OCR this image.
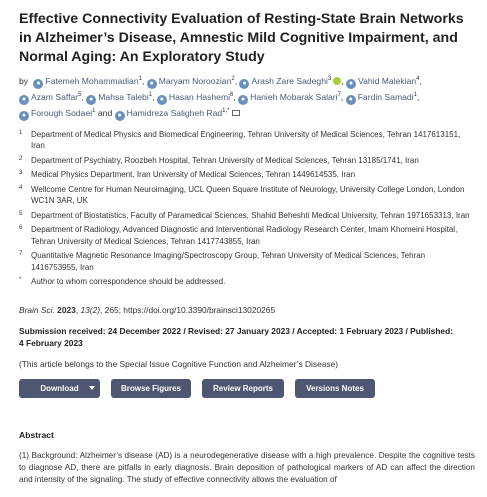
Effective Connectivity Evaluation of Resting-State Brain Networks in Alzheimer’s Disease, Amnestic Mild Cognitive Impairment, and Normal Aging: An Exploratory Study
by ● Fatemeh Mohammadian$^1$, ● Maryam Noroozian$^2$, ● Arash Zare Sadeghi$^3$ , ● Vahid Malekian$^4$, ● Azam Saffar$^5$, ● Mahsa Talebi$^1$, ● Hasan Hashemi$^6$, ● Hanieh Mobarak Salari$^7$, ● Fardin Samadi$^1$, ● Forough Sodaei$^1$ and ● Hamidreza Saligheh Rad$^{1,*}$
1	Department of Medical Physics and Biomedical Engineering, Tehran University of Medical Sciences, Tehran 1417613151, Iran
2	Department of Psychiatry, Roozbeh Hospital, Tehran University of Medical Sciences, Tehran 13185/1741, Iran
3	Medical Physics Department, Iran University of Medical Sciences, Tehran 1449614535, Iran
4	Wellcome Centre for Human Neuroimaging, UCL Queen Square Institute of Neurology, University College London, London WC1N 3AR, UK
5	Department of Biostatistics, Faculty of Paramedical Sciences, Shahid Beheshti Medical University, Tehran 1971653313, Iran
6	Department of Radiology, Advanced Diagnostic and Interventional Radiology Research Center, Imam Khomeini Hospital, Tehran University of Medical Sciences, Tehran 1417743855, Iran
7	Quantitative Magnetic Resonance Imaging/Spectroscopy Group, Tehran University of Medical Sciences, Tehran 1416753955, Iran
*	Author to whom correspondence should be addressed.
Brain Sci. 2023, 13(2), 265; https://doi.org/10.3390/brainsci13020265
Submission received: 24 December 2022 / Revised: 27 January 2023 / Accepted: 1 February 2023 / Published: 4 February 2023
(This article belongs to the Special Issue Cognitive Function and Alzheimer’s Disease)
Download	Browse Figures	Review Reports	Versions Notes
Abstract
(1) Background: Alzheimer’s disease (AD) is a neurodegenerative disease with a high prevalence. Despite the cognitive tests to diagnose AD, there are pitfalls in early diagnosis. Brain deposition of pathological markers of AD can affect the direction and intensity of the signaling. The study of effective connectivity allows the evaluation of
